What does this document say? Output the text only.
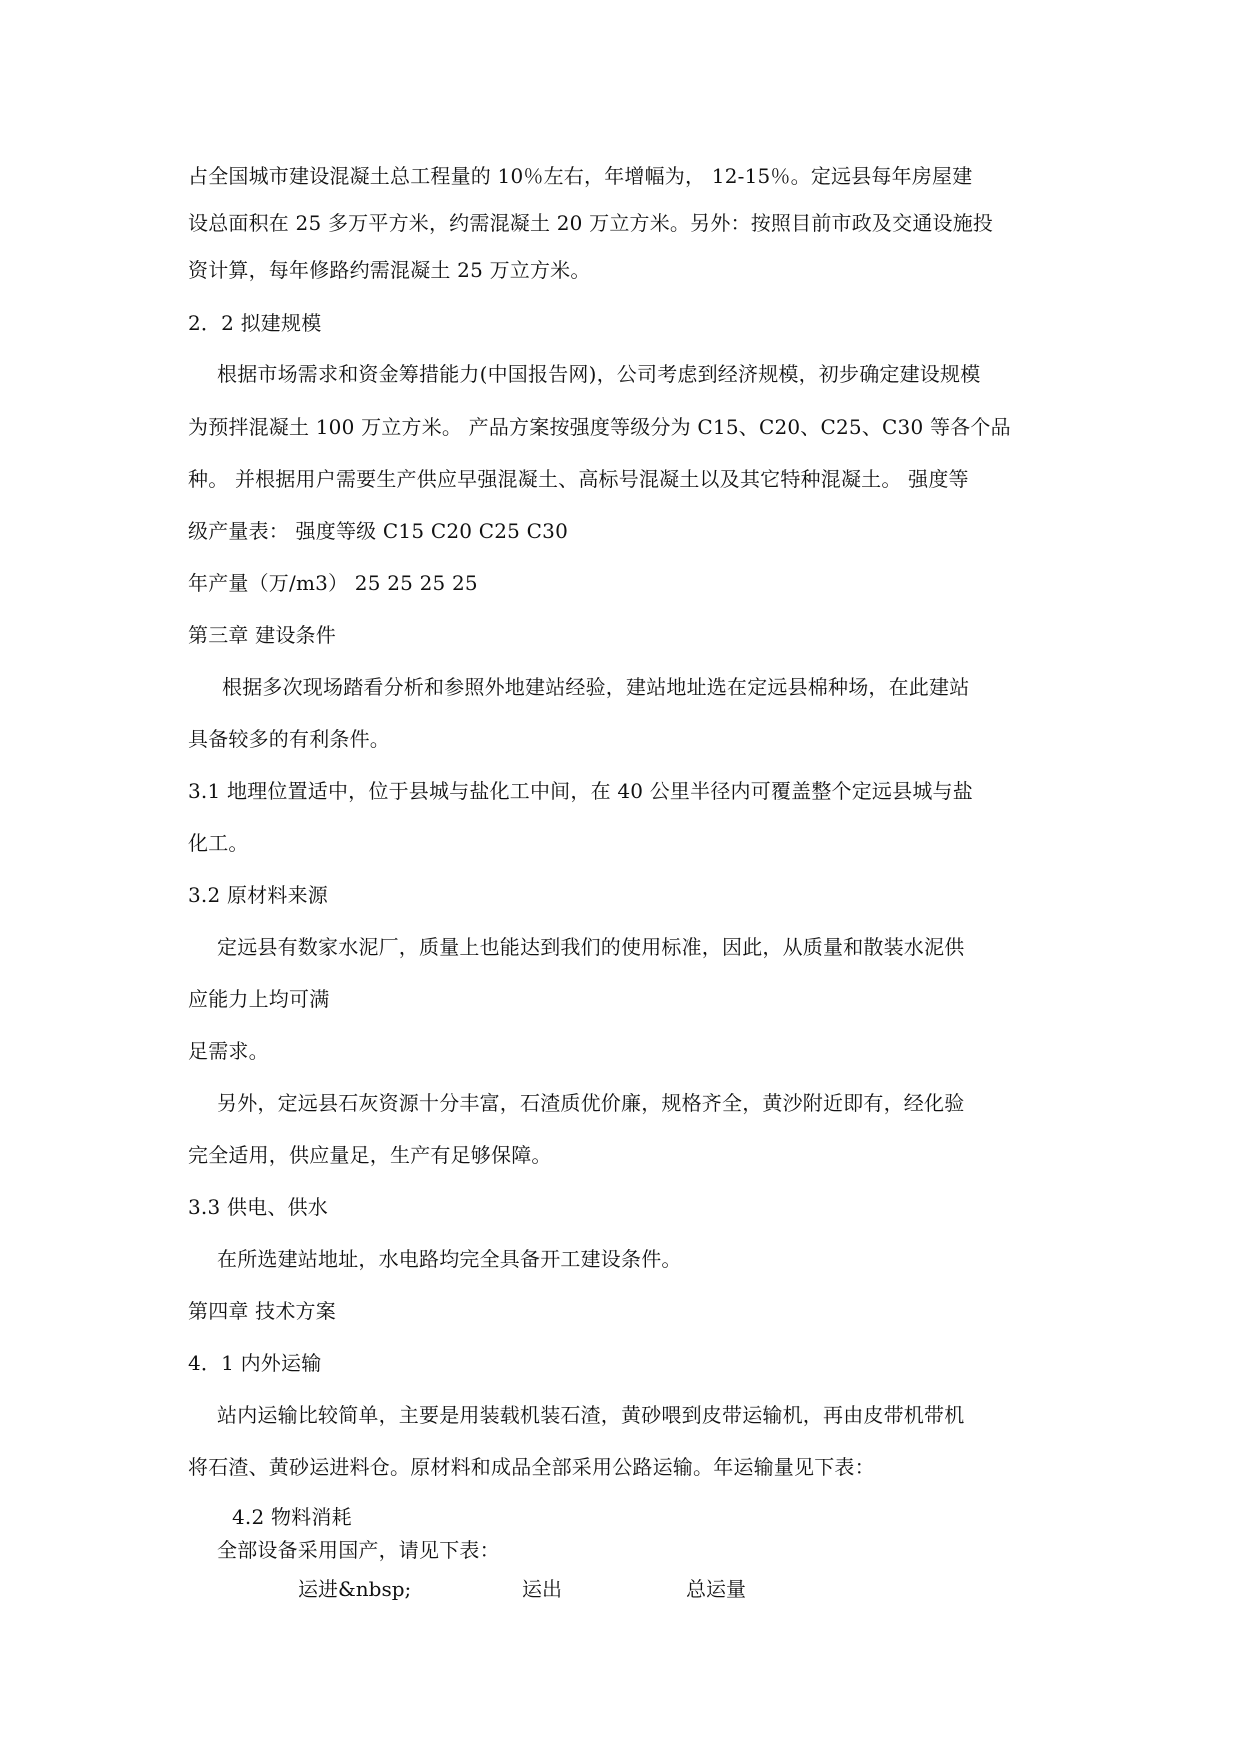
占全国城市建设混凝土总工程量的 10％左右，年增幅为， 12-15％。定远县每年房屋建
设总面积在 25 多万平方米，约需混凝土 20 万立方米。另外：按照目前市政及交通设施投
资计算，每年修路约需混凝土 25 万立方米。
2．2 拟建规模
根据市场需求和资金筹措能力(中国报告网)，公司考虑到经济规模，初步确定建设规模
为预拌混凝土 100 万立方米。 产品方案按强度等级分为 C15、C20、C25、C30 等各个品
种。 并根据用户需要生产供应早强混凝土、高标号混凝土以及其它特种混凝土。 强度等
级产量表： 强度等级 C15 C20 C25 C30
年产量（万/m3） 25 25 25 25
第三章 建设条件
根据多次现场踏看分析和参照外地建站经验，建站地址选在定远县棉种场，在此建站
具备较多的有利条件。
3.1 地理位置适中，位于县城与盐化工中间，在 40 公里半径内可覆盖整个定远县城与盐
化工。
3.2 原材料来源
定远县有数家水泥厂，质量上也能达到我们的使用标准，因此，从质量和散装水泥供
应能力上均可满
足需求。
另外，定远县石灰资源十分丰富，石渣质优价廉，规格齐全，黄沙附近即有，经化验
完全适用，供应量足，生产有足够保障。
3.3 供电、供水
在所选建站地址，水电路均完全具备开工建设条件。
第四章 技术方案
4．1 内外运输
站内运输比较简单，主要是用装载机装石渣，黄砂喂到皮带运输机，再由皮带机带机
将石渣、黄砂运进料仓。原材料和成品全部采用公路运输。年运输量见下表：
4.2 物料消耗
全部设备采用国产，请见下表：
运进&nbsp;	运出	总运量
